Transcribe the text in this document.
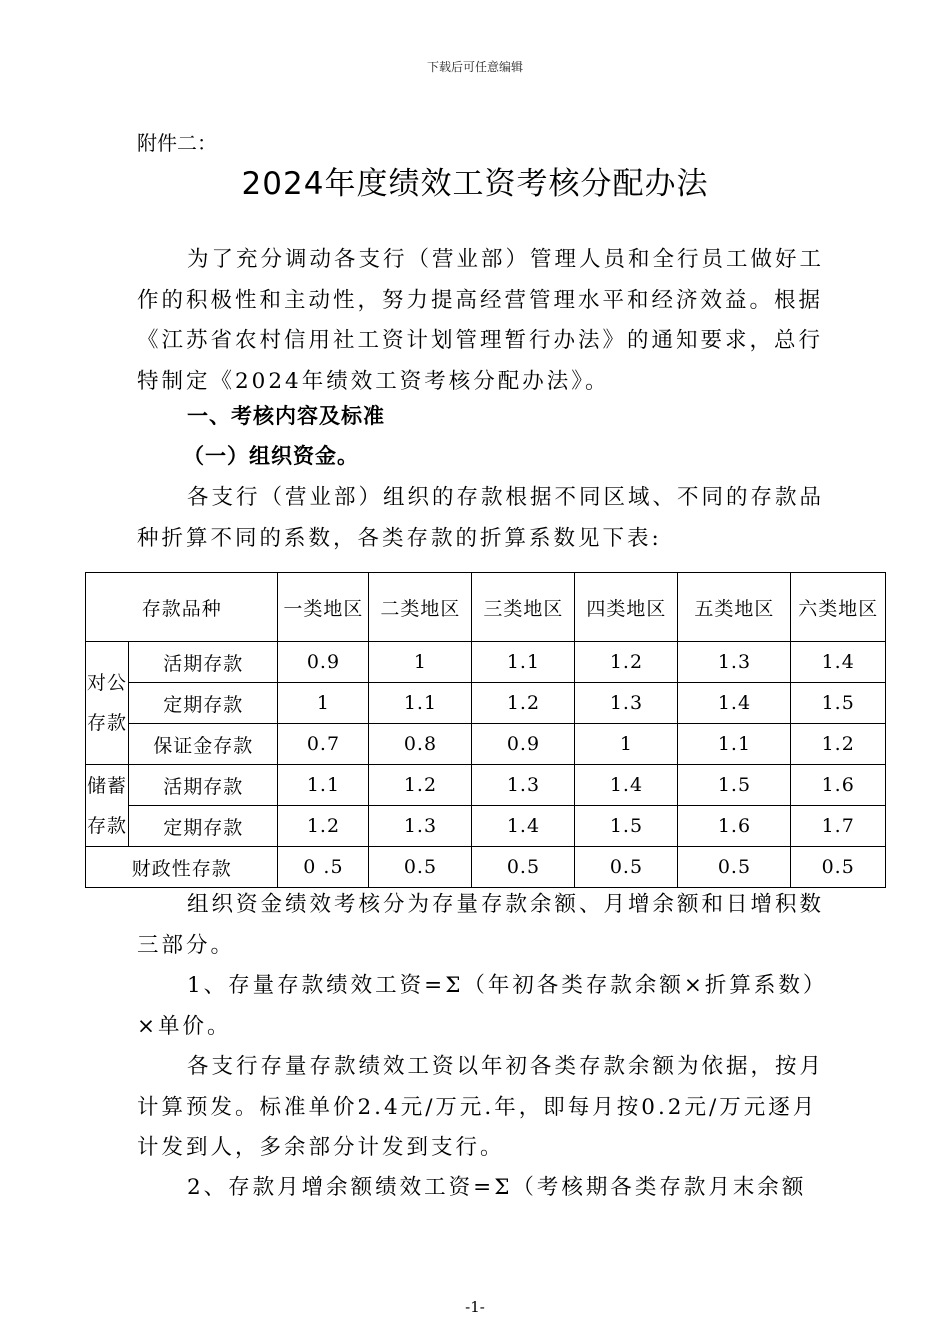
下载后可任意编辑
附件二：
2024年度绩效工资考核分配办法
为了充分调动各支行（营业部）管理人员和全行员工做好工作的积极性和主动性，努力提高经营管理水平和经济效益。根据《江苏省农村信用社工资计划管理暂行办法》的通知要求，总行特制定《2024年绩效工资考核分配办法》。
一、考核内容及标准
（一）组织资金。
各支行（营业部）组织的存款根据不同区域、不同的存款品种折算不同的系数，各类存款的折算系数见下表:
存款品种		一类地区	二类地区	三类地区	四类地区	五类地区	六类地区
对公存款	活期存款	0.9	1	1.1	1.2	1.3	1.4
	定期存款	1	1.1	1.2	1.3	1.4	1.5
	保证金存款	0.7	0.8	0.9	1	1.1	1.2
储蓄存款	活期存款	1.1	1.2	1.3	1.4	1.5	1.6
	定期存款	1.2	1.3	1.4	1.5	1.6	1.7
财政性存款		0 .5	0.5	0.5	0.5	0.5	0.5
组织资金绩效考核分为存量存款余额、月增余额和日增积数三部分。
1、存量存款绩效工资=Σ（年初各类存款余额×折算系数）×单价。
各支行存量存款绩效工资以年初各类存款余额为依据，按月计算预发。标准单价2.4元/万元.年，即每月按0.2元/万元逐月计发到人，多余部分计发到支行。
2、存款月增余额绩效工资=Σ（考核期各类存款月末余额
-1-
